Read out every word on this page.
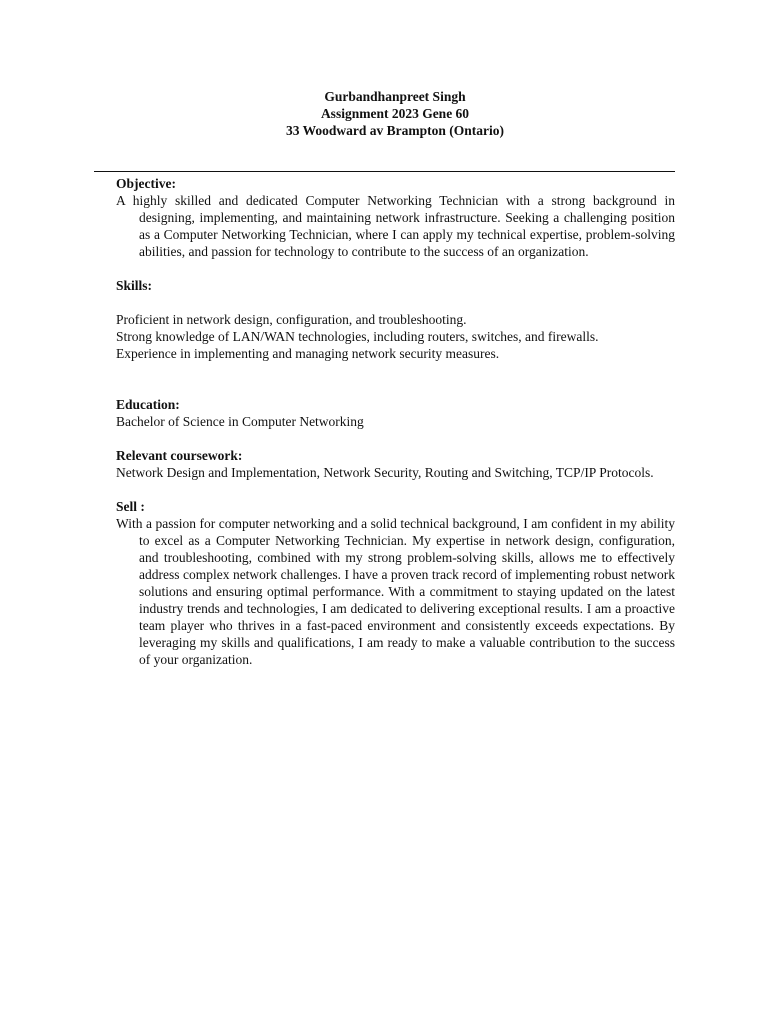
Gurbandhanpreet Singh
Assignment 2023 Gene 60
33 Woodward av Brampton (Ontario)
Objective:
A highly skilled and dedicated Computer Networking Technician with a strong background in designing, implementing, and maintaining network infrastructure. Seeking a challenging position as a Computer Networking Technician, where I can apply my technical expertise, problem-solving abilities, and passion for technology to contribute to the success of an organization.
Skills:
Proficient in network design, configuration, and troubleshooting.
Strong knowledge of LAN/WAN technologies, including routers, switches, and firewalls.
Experience in implementing and managing network security measures.
Education:
Bachelor of Science in Computer Networking
Relevant coursework:
Network Design and Implementation, Network Security, Routing and Switching, TCP/IP Protocols.
Sell :
With a passion for computer networking and a solid technical background, I am confident in my ability to excel as a Computer Networking Technician. My expertise in network design, configuration, and troubleshooting, combined with my strong problem-solving skills, allows me to effectively address complex network challenges. I have a proven track record of implementing robust network solutions and ensuring optimal performance. With a commitment to staying updated on the latest industry trends and technologies, I am dedicated to delivering exceptional results. I am a proactive team player who thrives in a fast-paced environment and consistently exceeds expectations. By leveraging my skills and qualifications, I am ready to make a valuable contribution to the success of your organization.
